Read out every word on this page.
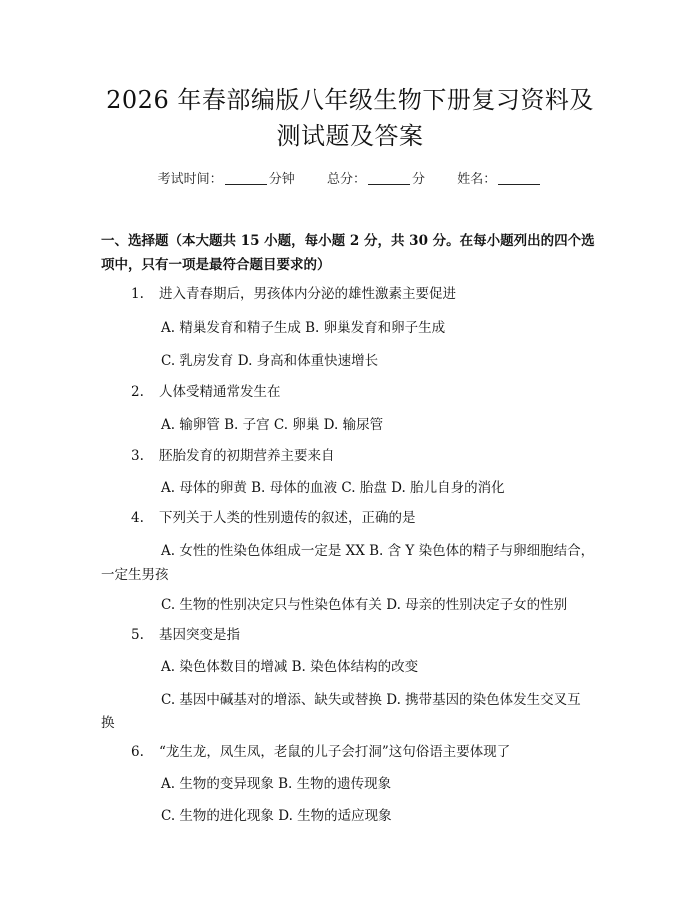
2026 年春部编版八年级生物下册复习资料及
测试题及答案
考试时间：	分钟 总分：	分 姓名：
一、选择题（本大题共 15 小题，每小题 2 分，共 30 分。在每小题列出的四个选
项中，只有一项是最符合题目要求的）
1. 进入青春期后，男孩体内分泌的雄性激素主要促进
A. 精巢发育和精子生成 B. 卵巢发育和卵子生成
C. 乳房发育 D. 身高和体重快速增长
2. 人体受精通常发生在
A. 输卵管 B. 子宫 C. 卵巢 D. 输尿管
3. 胚胎发育的初期营养主要来自
A. 母体的卵黄 B. 母体的血液 C. 胎盘 D. 胎儿自身的消化
4. 下列关于人类的性别遗传的叙述，正确的是
A. 女性的性染色体组成一定是 XX B. 含 Y 染色体的精子与卵细胞结合，
一定生男孩
C. 生物的性别决定只与性染色体有关 D. 母亲的性别决定子女的性别
5. 基因突变是指
A. 染色体数目的增减 B. 染色体结构的改变
C. 基因中碱基对的增添、缺失或替换 D. 携带基因的染色体发生交叉互
换
6. “龙生龙，凤生凤，老鼠的儿子会打洞”这句俗语主要体现了
A. 生物的变异现象 B. 生物的遗传现象
C. 生物的进化现象 D. 生物的适应现象
